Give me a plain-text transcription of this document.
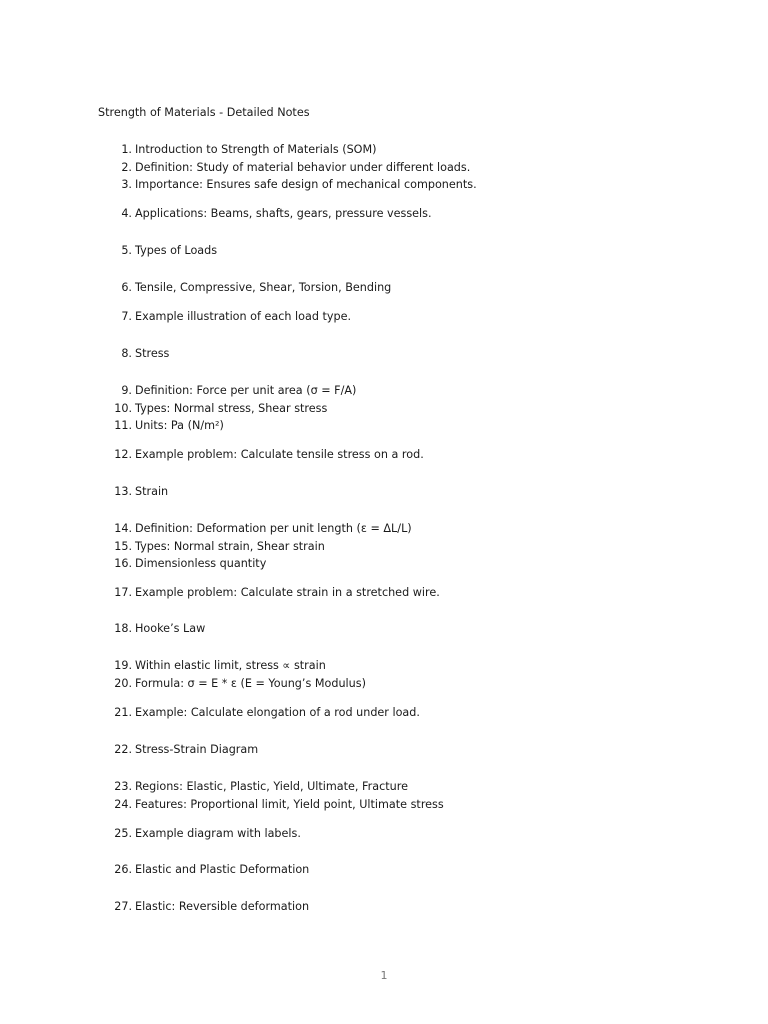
Strength of Materials - Detailed Notes
1. Introduction to Strength of Materials (SOM)
2. Definition: Study of material behavior under different loads.
3. Importance: Ensures safe design of mechanical components.
4. Applications: Beams, shafts, gears, pressure vessels.
5. Types of Loads
6. Tensile, Compressive, Shear, Torsion, Bending
7. Example illustration of each load type.
8. Stress
9. Definition: Force per unit area (σ = F/A)
10. Types: Normal stress, Shear stress
11. Units: Pa (N/m²)
12. Example problem: Calculate tensile stress on a rod.
13. Strain
14. Definition: Deformation per unit length (ε = ΔL/L)
15. Types: Normal strain, Shear strain
16. Dimensionless quantity
17. Example problem: Calculate strain in a stretched wire.
18. Hooke’s Law
19. Within elastic limit, stress ∝ strain
20. Formula: σ = E * ε (E = Young’s Modulus)
21. Example: Calculate elongation of a rod under load.
22. Stress-Strain Diagram
23. Regions: Elastic, Plastic, Yield, Ultimate, Fracture
24. Features: Proportional limit, Yield point, Ultimate stress
25. Example diagram with labels.
26. Elastic and Plastic Deformation
27. Elastic: Reversible deformation
1
